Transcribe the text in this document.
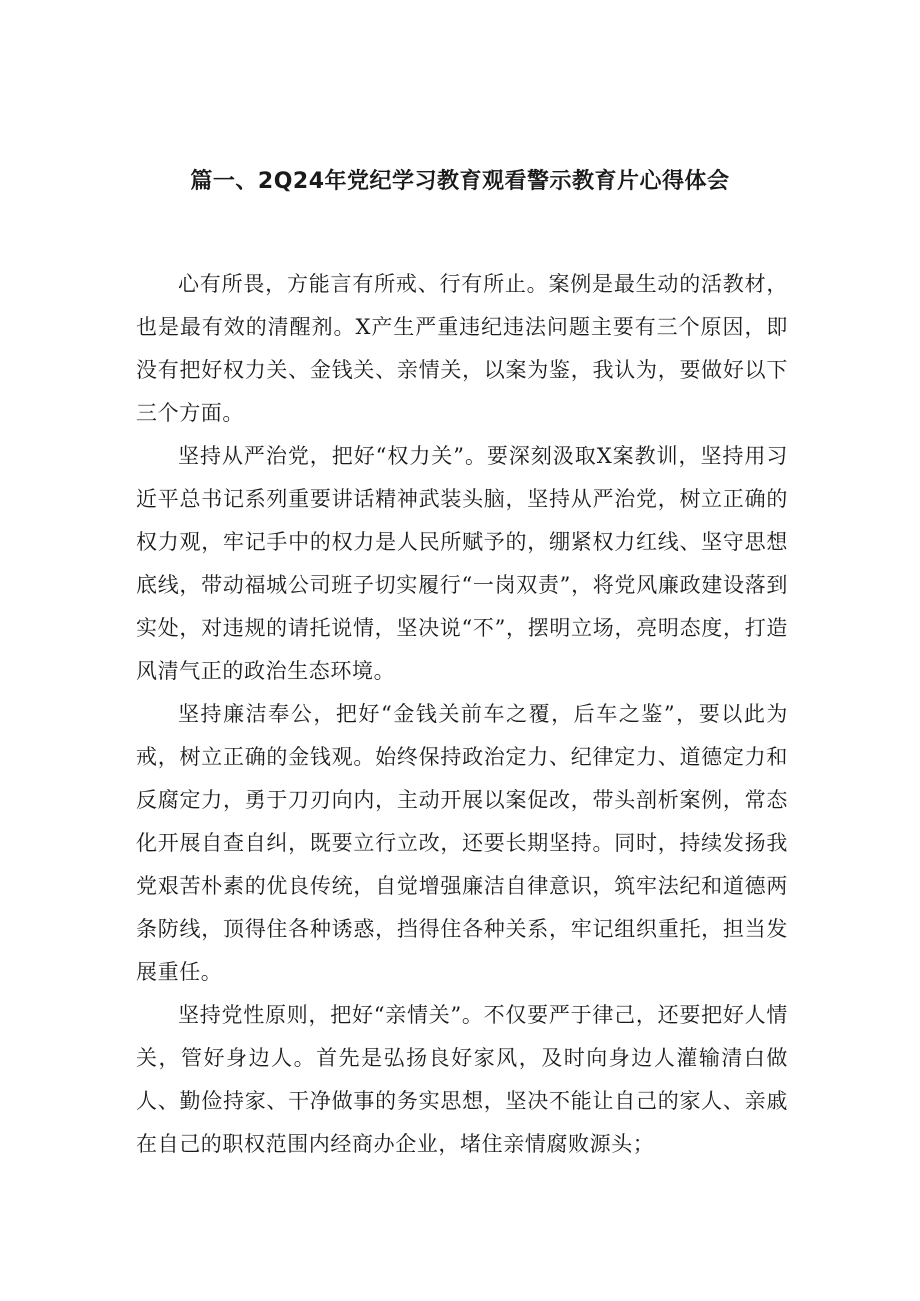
篇一、2Q24年党纪学习教育观看警示教育片心得体会

心有所畏，方能言有所戒、行有所止。案例是最生动的活教材，也是最有效的清醒剂。X产生严重违纪违法问题主要有三个原因，即没有把好权力关、金钱关、亲情关，以案为鉴，我认为，要做好以下三个方面。

坚持从严治党，把好“权力关”。要深刻汲取X案教训，坚持用习近平总书记系列重要讲话精神武装头脑，坚持从严治党，树立正确的权力观，牢记手中的权力是人民所赋予的，绷紧权力红线、坚守思想底线，带动福城公司班子切实履行“一岗双责”，将党风廉政建设落到实处，对违规的请托说情，坚决说“不”，摆明立场，亮明态度，打造风清气正的政治生态环境。

坚持廉洁奉公，把好“金钱关前车之覆，后车之鉴”，要以此为戒，树立正确的金钱观。始终保持政治定力、纪律定力、道德定力和反腐定力，勇于刀刃向内，主动开展以案促改，带头剖析案例，常态化开展自查自纠，既要立行立改，还要长期坚持。同时，持续发扬我党艰苦朴素的优良传统，自觉增强廉洁自律意识，筑牢法纪和道德两条防线，顶得住各种诱惑，挡得住各种关系，牢记组织重托，担当发展重任。

坚持党性原则，把好“亲情关”。不仅要严于律己，还要把好人情关，管好身边人。首先是弘扬良好家风，及时向身边人灌输清白做人、勤俭持家、干净做事的务实思想，坚决不能让自己的家人、亲戚在自己的职权范围内经商办企业，堵住亲情腐败源头；
